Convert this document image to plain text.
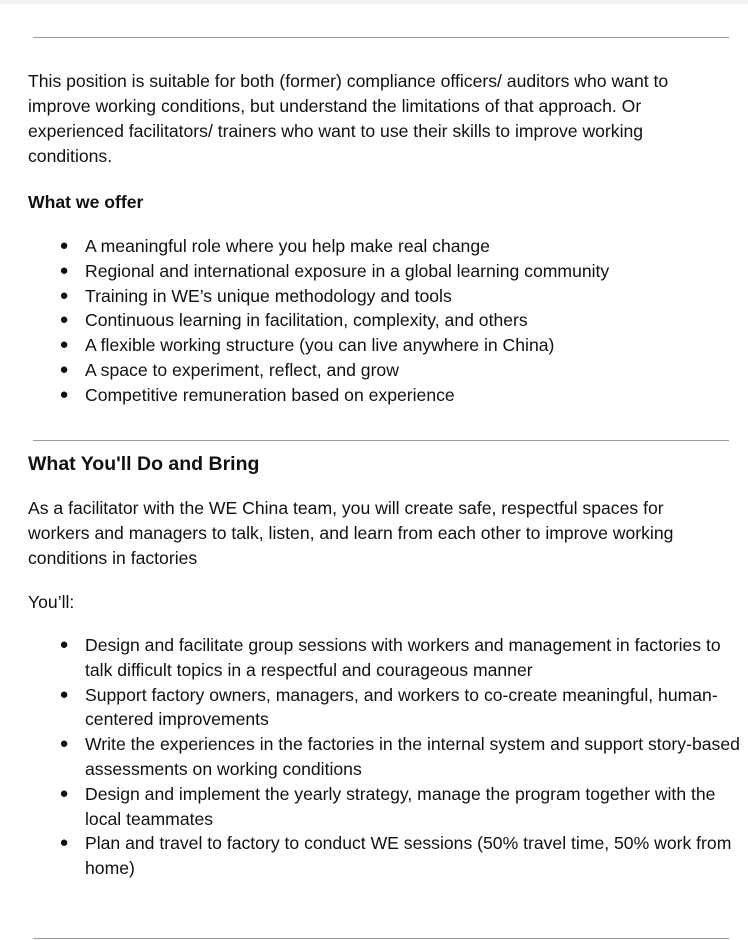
This position is suitable for both (former) compliance officers/ auditors who want to improve working conditions, but understand the limitations of that approach. Or experienced facilitators/ trainers who want to use their skills to improve working conditions.

What we offer
● A meaningful role where you help make real change
● Regional and international exposure in a global learning community
● Training in WE’s unique methodology and tools
● Continuous learning in facilitation, complexity, and others
● A flexible working structure (you can live anywhere in China)
● A space to experiment, reflect, and grow
● Competitive remuneration based on experience
What You'll Do and Bring

As a facilitator with the WE China team, you will create safe, respectful spaces for workers and managers to talk, listen, and learn from each other to improve working conditions in factories

You’ll:
● Design and facilitate group sessions with workers and management in factories to talk difficult topics in a respectful and courageous manner
● Support factory owners, managers, and workers to co-create meaningful, human-centered improvements
● Write the experiences in the factories in the internal system and support story-based assessments on working conditions
● Design and implement the yearly strategy, manage the program together with the local teammates
● Plan and travel to factory to conduct WE sessions (50% travel time, 50% work from home)
